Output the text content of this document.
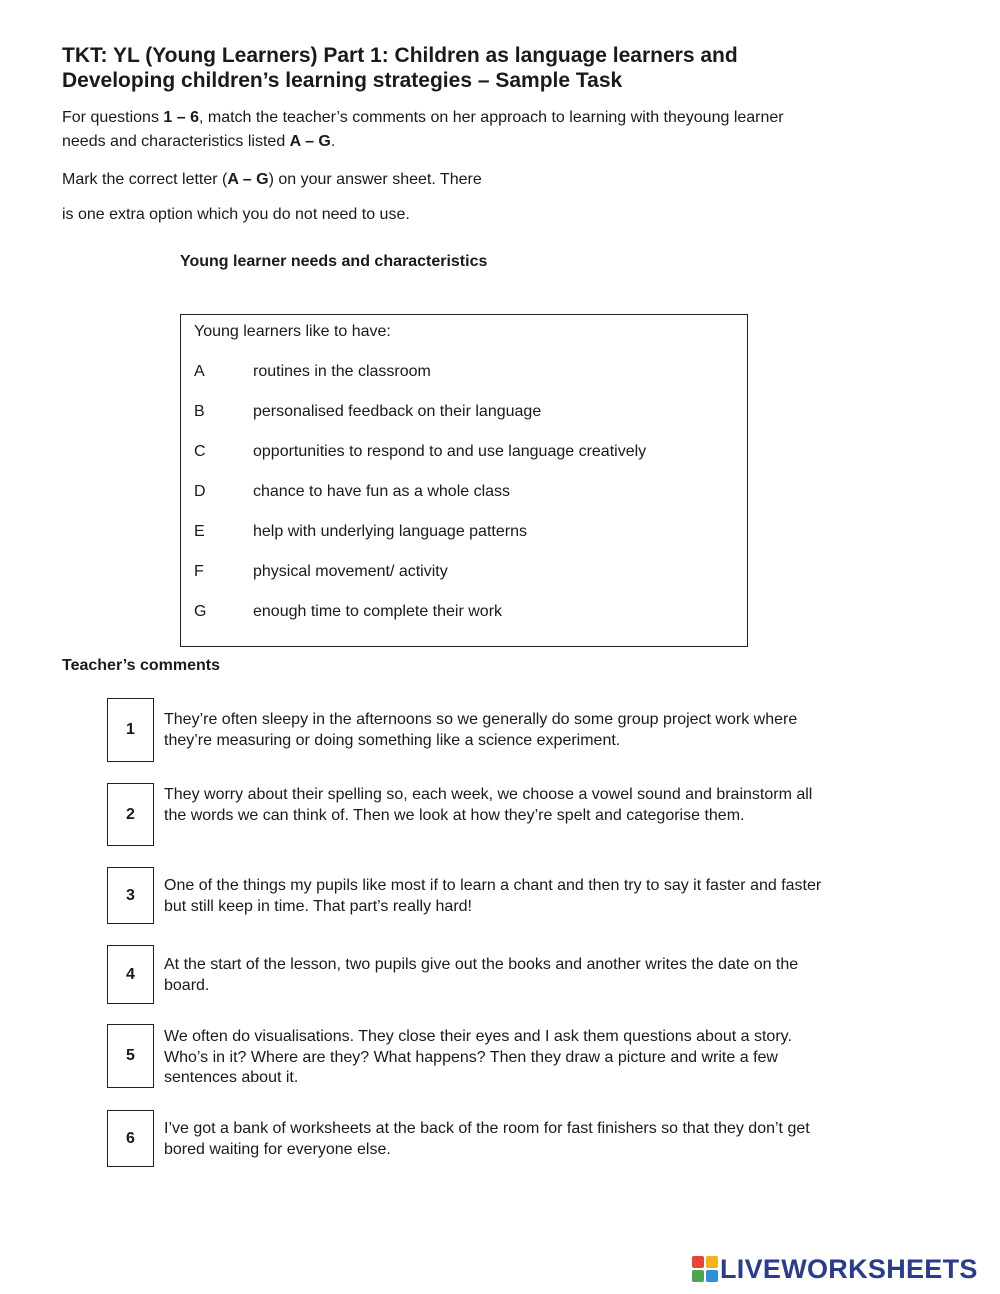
TKT: YL (Young Learners) Part 1: Children as language learners and
Developing children’s learning strategies – Sample Task

For questions 1 – 6, match the teacher’s comments on her approach to learning with theyoung learner needs and characteristics listed A – G.

Mark the correct letter (A – G) on your answer sheet. There

is one extra option which you do not need to use.

Young learner needs and characteristics
Young learners like to have:
A	routines in the classroom
B	personalised feedback on their language
C	opportunities to respond to and use language creatively
D	chance to have fun as a whole class
E	help with underlying language patterns
F	physical movement/ activity
G	enough time to complete their work
Teacher’s comments
1

They’re often sleepy in the afternoons so we generally do some group project work where they’re measuring or doing something like a science experiment.

2

They worry about their spelling so, each week, we choose a vowel sound and brainstorm all the words we can think of. Then we look at how they’re spelt and categorise them.

3

One of the things my pupils like most if to learn a chant and then try to say it faster and faster but still keep in time. That part’s really hard!

4

At the start of the lesson, two pupils give out the books and another writes the date on the board.

5

We often do visualisations. They close their eyes and I ask them questions about a story. Who’s in it? Where are they? What happens? Then they draw a picture and write a few sentences about it.

6

I’ve got a bank of worksheets at the back of the room for fast finishers so that they don’t get bored waiting for everyone else.

LIVEWORKSHEETS
